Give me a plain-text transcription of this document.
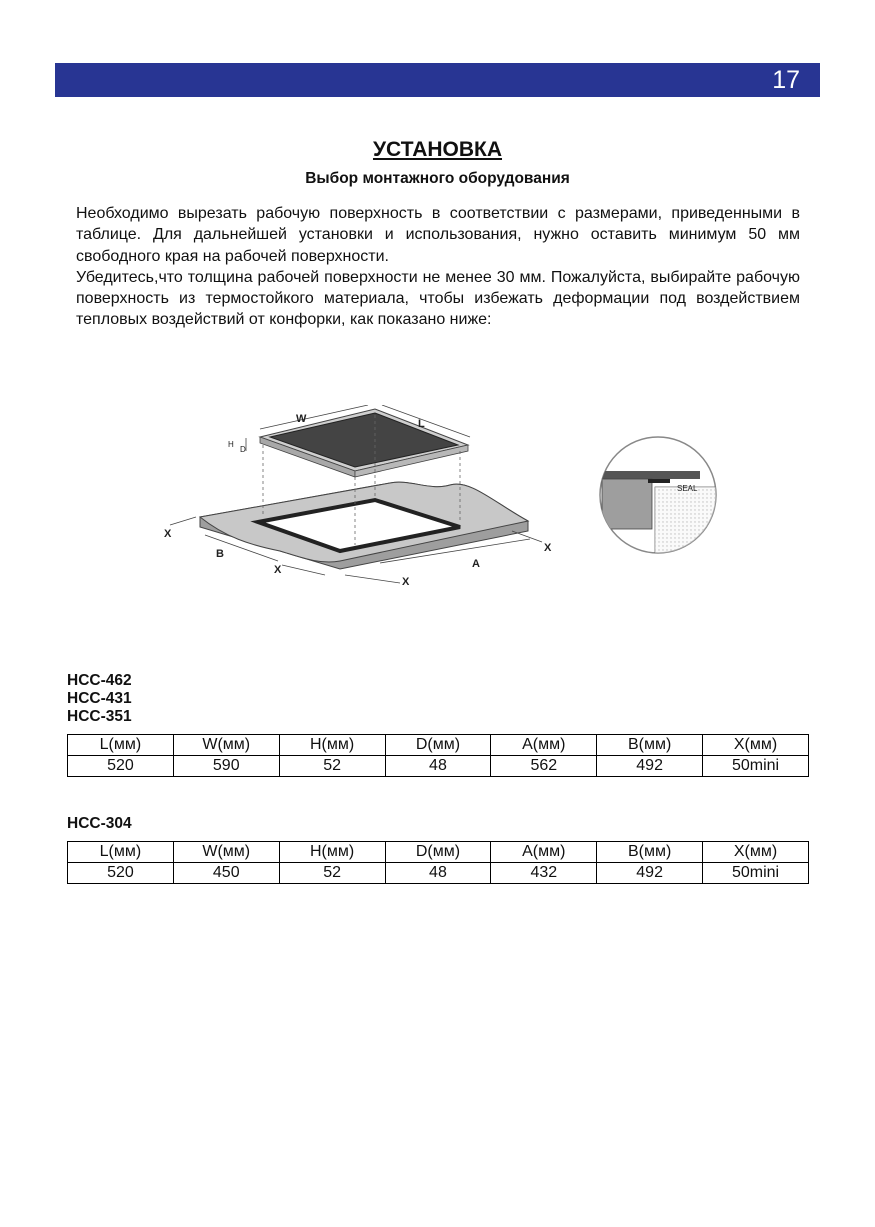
17
УСТАНОВКА
Выбор монтажного оборудования

Необходимо вырезать рабочую поверхность в соответствии с размерами, приведенными в таблице. Для дальнейшей установки и использования, нужно оставить минимум 50 мм свободного края на рабочей поверхности.

Убедитесь,что толщина рабочей поверхности не менее 30 мм. Пожалуйста, выбирайте рабочую поверхность из термостойкого материала, чтобы избежать деформации под воздействием тепловых воздействий от конфорки, как показано ниже:

W	L
H
D
X
B
X
X
A
X
SEAL
HCC-462
HCC-431
HCC-351
L(мм)	W(мм)	H(мм)	D(мм)	A(мм)	B(мм)	X(мм)
520	590	52	48	562	492	50mini
HCC-304
L(мм)	W(мм)	H(мм)	D(мм)	A(мм)	B(мм)	X(мм)
520	450	52	48	432	492	50mini
